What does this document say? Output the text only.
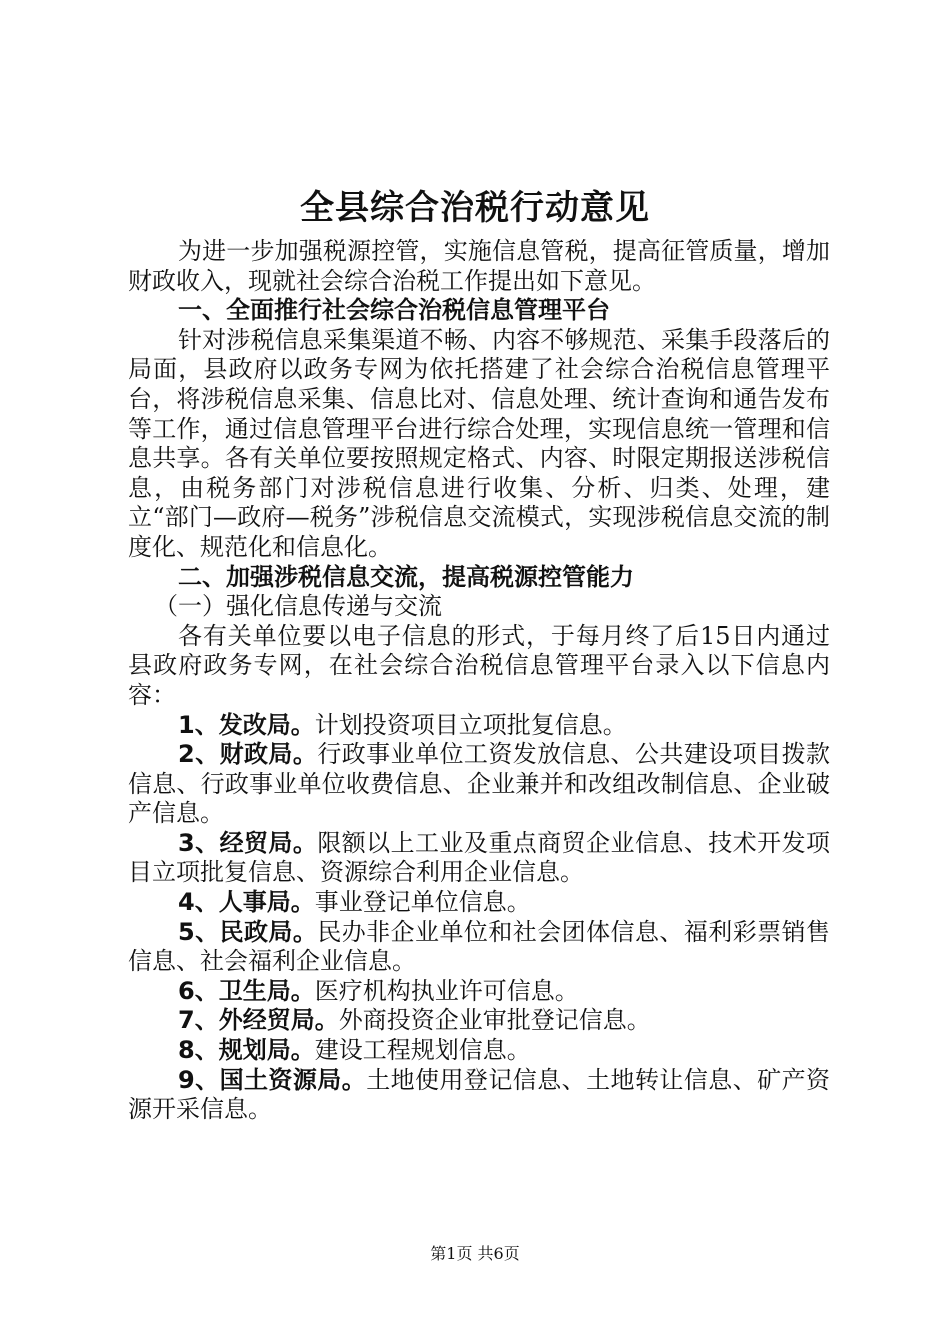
全县综合治税行动意见

为进一步加强税源控管，实施信息管税，提高征管质量，增加财政收入，现就社会综合治税工作提出如下意见。

一、全面推行社会综合治税信息管理平台

针对涉税信息采集渠道不畅、内容不够规范、采集手段落后的局面，县政府以政务专网为依托搭建了社会综合治税信息管理平台，将涉税信息采集、信息比对、信息处理、统计查询和通告发布等工作，通过信息管理平台进行综合处理，实现信息统一管理和信息共享。各有关单位要按照规定格式、内容、时限定期报送涉税信息，由税务部门对涉税信息进行收集、分析、归类、处理，建立“部门—政府—税务”涉税信息交流模式，实现涉税信息交流的制度化、规范化和信息化。

二、加强涉税信息交流，提高税源控管能力

（一）强化信息传递与交流

各有关单位要以电子信息的形式，于每月终了后15日内通过县政府政务专网，在社会综合治税信息管理平台录入以下信息内容：

1、发改局。计划投资项目立项批复信息。

2、财政局。行政事业单位工资发放信息、公共建设项目拨款信息、行政事业单位收费信息、企业兼并和改组改制信息、企业破产信息。

3、经贸局。限额以上工业及重点商贸企业信息、技术开发项目立项批复信息、资源综合利用企业信息。

4、人事局。事业登记单位信息。

5、民政局。民办非企业单位和社会团体信息、福利彩票销售信息、社会福利企业信息。

6、卫生局。医疗机构执业许可信息。

7、外经贸局。外商投资企业审批登记信息。

8、规划局。建设工程规划信息。

9、国土资源局。土地使用登记信息、土地转让信息、矿产资源开采信息。

第1页 共6页
